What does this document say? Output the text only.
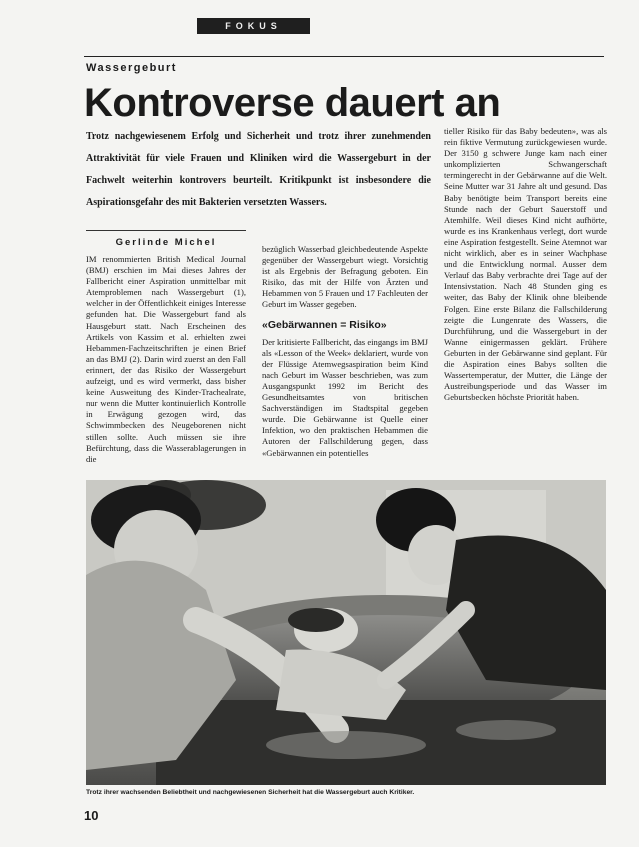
FOKUS
Wassergeburt
Kontroverse dauert an
Trotz nachgewiesenem Erfolg und Sicherheit und trotz ihrer zunehmenden Attraktivität für viele Frauen und Kliniken wird die Wassergeburt in der Fachwelt weiterhin kontrovers beurteilt. Kritikpunkt ist insbesondere die Aspirationsgefahr des mit Bakterien versetzten Wassers.
Gerlinde Michel

IM renommierten British Medical Journal (BMJ) erschien im Mai dieses Jahres der Fallbericht einer Aspiration unmittelbar mit Atemproblemen nach Wassergeburt (1), welcher in der Öffentlichkeit einiges Interesse gefunden hat. Die Wassergeburt fand als Hausgeburt statt. Nach Erscheinen des Artikels von Kassim et al. erhielten zwei Hebammen-Fachzeitschriften je einen Brief an das BMJ (2). Darin wird zuerst an den Fall erinnert, der das Risiko der Wassergeburt aufzeigt, und es wird vermerkt, dass bisher keine Ausweitung des Kinder-Trachealrate, nur wenn die Mutter kontinuierlich Kontrolle in Erwägung gezogen wird, das Schwimmbecken des Neugeborenen nicht stillen sollte. Auch müssen sie ihre Befürchtung, dass die Wasserablagerungen in die

bezüglich Wasserbad gleichbedeutende Aspekte gegenüber der Wassergeburt wiegt. Vorsichtig ist als Ergebnis der Befragung geboten. Ein Risiko, das mit der Hilfe von Ärzten und Hebammen von 5 Frauen und 17 Fachleuten der Geburt im Wasser gegeben.

«Gebärwannen = Risiko»

Der kritisierte Fallbericht, das eingangs im BMJ als «Lesson of the Week» deklariert, wurde von der Flüssige Atemwegsaspiration beim Kind nach Geburt im Wasser beschrieben, was zum Ausgangspunkt 1992 im Bericht des Gesundheitsamtes von britischen Sachverständigen im Stadtspital gegeben wurde. Die Gebärwanne ist Quelle einer Infektion, wo den praktischen Hebammen die Autoren der Fallschilderung gegen, dass «Gebärwannen ein potentielles

tieller Risiko für das Baby bedeuten», was als rein fiktive Vermutung zurückgewiesen wurde. Der 3150 g schwere Junge kam nach einer unkomplizierten Schwangerschaft termingerecht in der Gebärwanne auf die Welt. Seine Mutter war 31 Jahre alt und gesund. Das Baby benötigte beim Transport bereits eine Stunde nach der Geburt Sauerstoff und Atemhilfe. Weil dieses Kind nicht aufhörte, wurde es ins Krankenhaus verlegt, dort wurde eine Aspiration festgestellt. Seine Atemnot war nicht wirklich, aber es in seiner Wachphase und die Entwicklung normal. Ausser dem Verlauf das Baby verbrachte drei Tage auf der Intensivstation. Nach 48 Stunden ging es weiter, das Baby der Klinik ohne bleibende Folgen. Eine erste Bilanz die Fallschilderung zeigte die Lungenrate des Wassers, die Durchführung, und die Wassergeburt in der Wanne einigermassen geklärt. Frühere Geburten in der Gebärwanne sind geplant. Für die Aspiration eines Babys sollten die Wassertemperatur, der Mutter, die Länge der Austreibungsperiode und das Wasser im Geburtsbecken höchste Priorität haben.

Trotz ihrer wachsenden Beliebtheit und nachgewiesenen Sicherheit hat die Wassergeburt auch Kritiker.
10
